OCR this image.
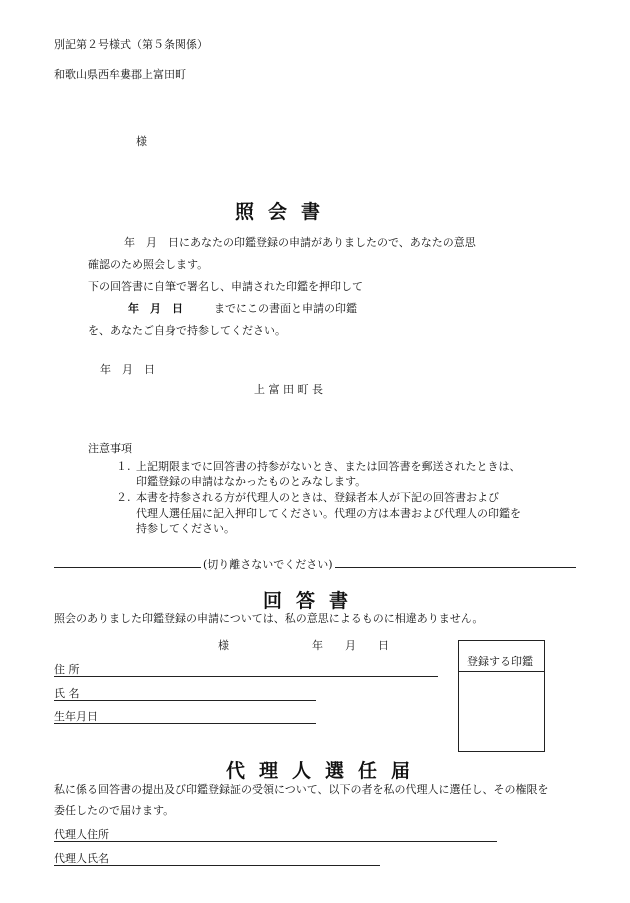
別記第２号様式（第５条関係）
和歌山県西牟婁郡上富田町
様
照会書
年　月　日にあなたの印鑑登録の申請がありましたので、あなたの意思
確認のため照会します。
下の回答書に自筆で署名し、申請された印鑑を押印して
年　月　日	までにこの書面と申請の印鑑
を、あなたご自身で持参してください。
年　月　日
上 富 田 町 長
注意事項
１. 上記期限までに回答書の持参がないとき、または回答書を郵送されたときは、
印鑑登録の申請はなかったものとみなします。
２. 本書を持参される方が代理人のときは、登録者本人が下記の回答書および
代理人選任届に記入押印してください。代理の方は本書および代理人の印鑑を
持参してください。
(切り離さないでください)
回答書
照会のありました印鑑登録の申請については、私の意思によるものに相違ありません。
様	年　　月　　日
住 所
氏 名
生年月日
登録する印鑑
代理人選任届
私に係る回答書の提出及び印鑑登録証の受領について、以下の者を私の代理人に選任し、その権限を
委任したので届けます。
代理人住所
代理人氏名
